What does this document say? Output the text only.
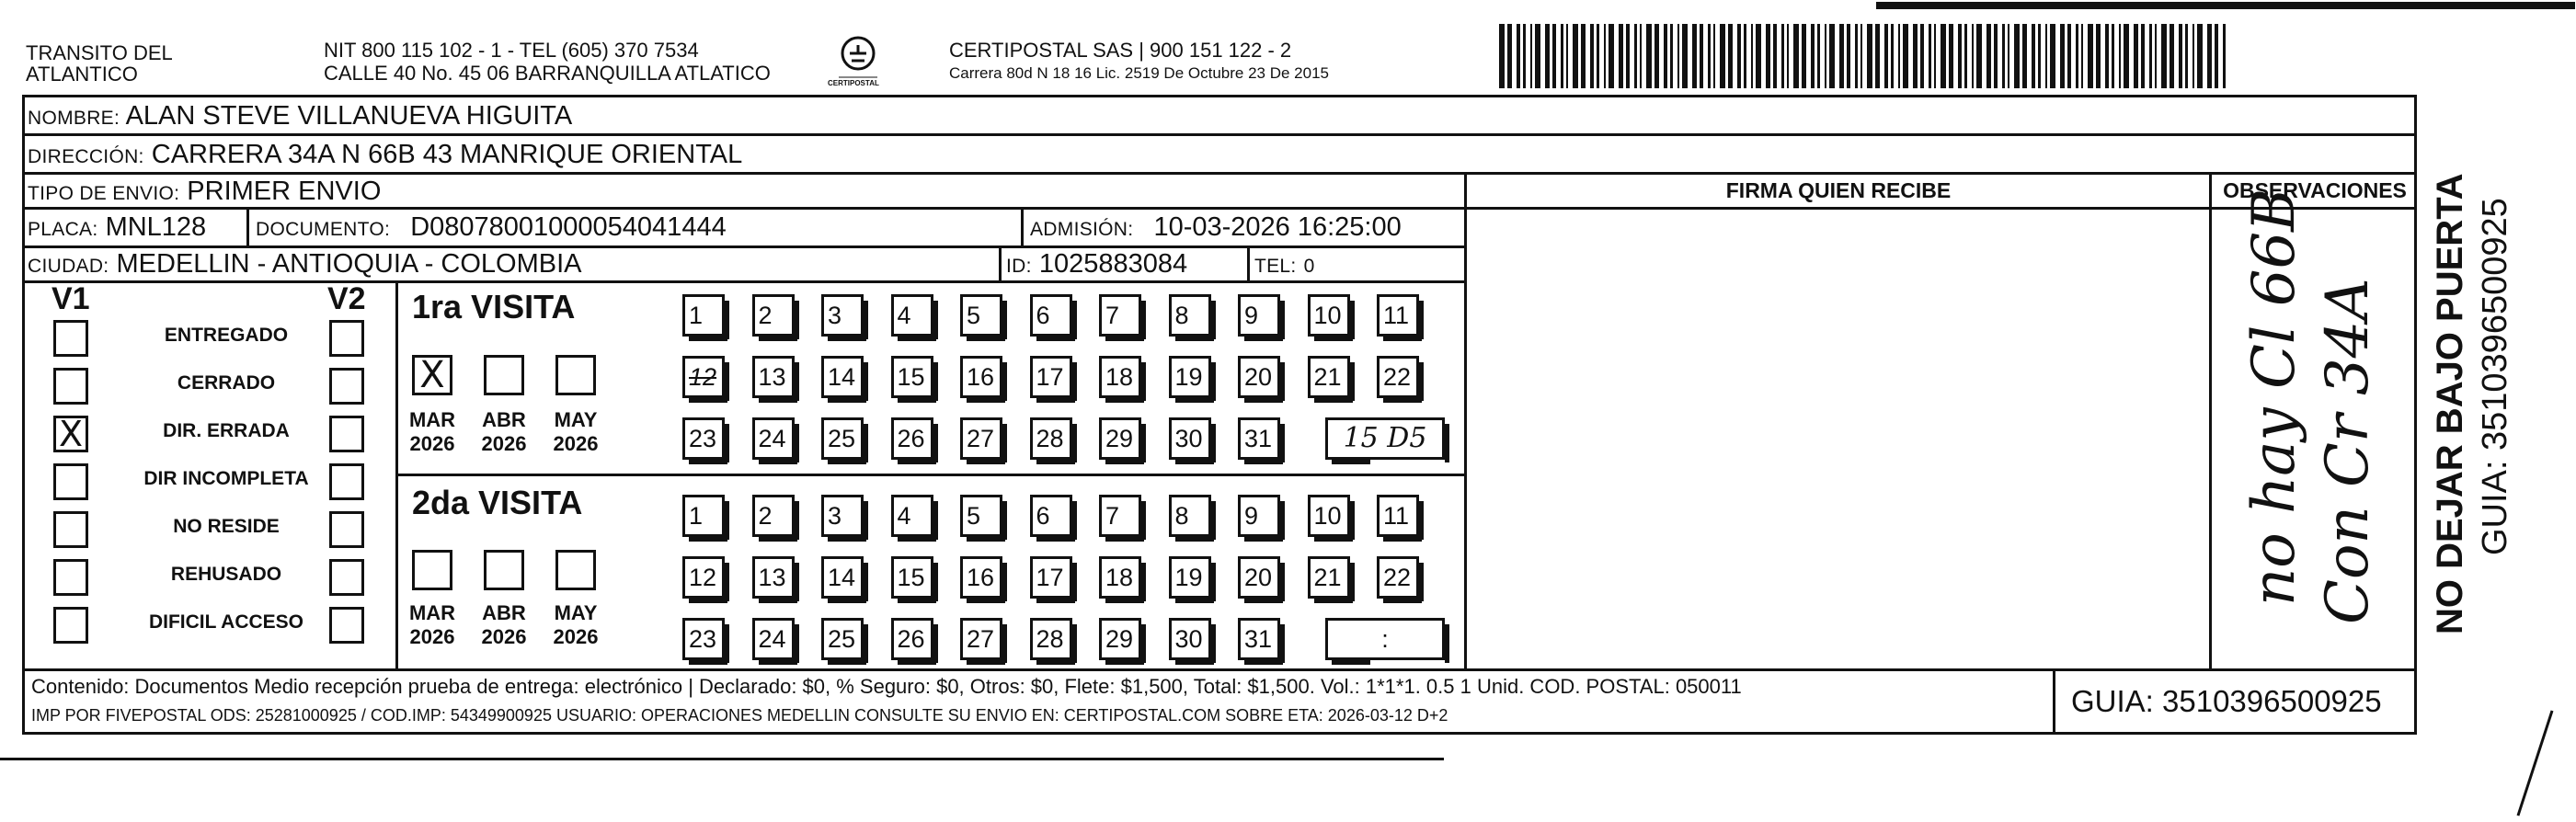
TRANSITO DEL
ATLANTICO
NIT 800 115 102 - 1 - TEL (605) 370 7534
CALLE 40 No. 45 06 BARRANQUILLA ATLATICO	CERTIPOSTAL
CERTIPOSTAL SAS | 900 151 122 - 2
Carrera 80d N 18 16 Lic. 2519 De Octubre 23 De 2015
NOMBRE: ALAN STEVE VILLANUEVA HIGUITA
DIRECCIÓN: CARRERA 34A N 66B 43 MANRIQUE ORIENTAL
TIPO DE ENVIO: PRIMER ENVIO
PLACA: MNL128	DOCUMENTO: D08078001000054041444	ADMISIÓN: 10-03-2026 16:25:00
CIUDAD: MEDELLIN - ANTIOQUIA - COLOMBIA	ID: 1025883084	TEL: 0
FIRMA QUIEN RECIBE	OBSERVACIONES
no hay Cl 66B Con Cr 34A
V1	V2
ENTREGADO
CERRADO
X	DIR. ERRADA
DIR INCOMPLETA
NO RESIDE
REHUSADO
DIFICIL ACCESO
1ra VISITA
2da VISITA
X
MAR
2026
ABR
2026
MAY
2026
MAR
2026
ABR
2026
MAY
2026
1	2	3	4	5	6	7	8	9	10	11
12	13	14	15	16	17	18	19	20	21	22
23	24	25	26	27	28	29	30	31	15 D5
1	2	3	4	5	6	7	8	9	10	11
12	13	14	15	16	17	18	19	20	21	22
23	24	25	26	27	28	29	30	31	:
NO DEJAR BAJO PUERTA GUIA: 3510396500925
Contenido: Documentos Medio recepción prueba de entrega: electrónico | Declarado: $0, % Seguro: $0, Otros: $0, Flete: $1,500, Total: $1,500. Vol.: 1*1*1. 0.5 1 Unid. COD. POSTAL: 050011
IMP POR FIVEPOSTAL ODS: 25281000925 / COD.IMP: 54349900925 USUARIO: OPERACIONES MEDELLIN CONSULTE SU ENVIO EN: CERTIPOSTAL.COM SOBRE ETA: 2026-03-12 D+2	GUIA: 3510396500925
